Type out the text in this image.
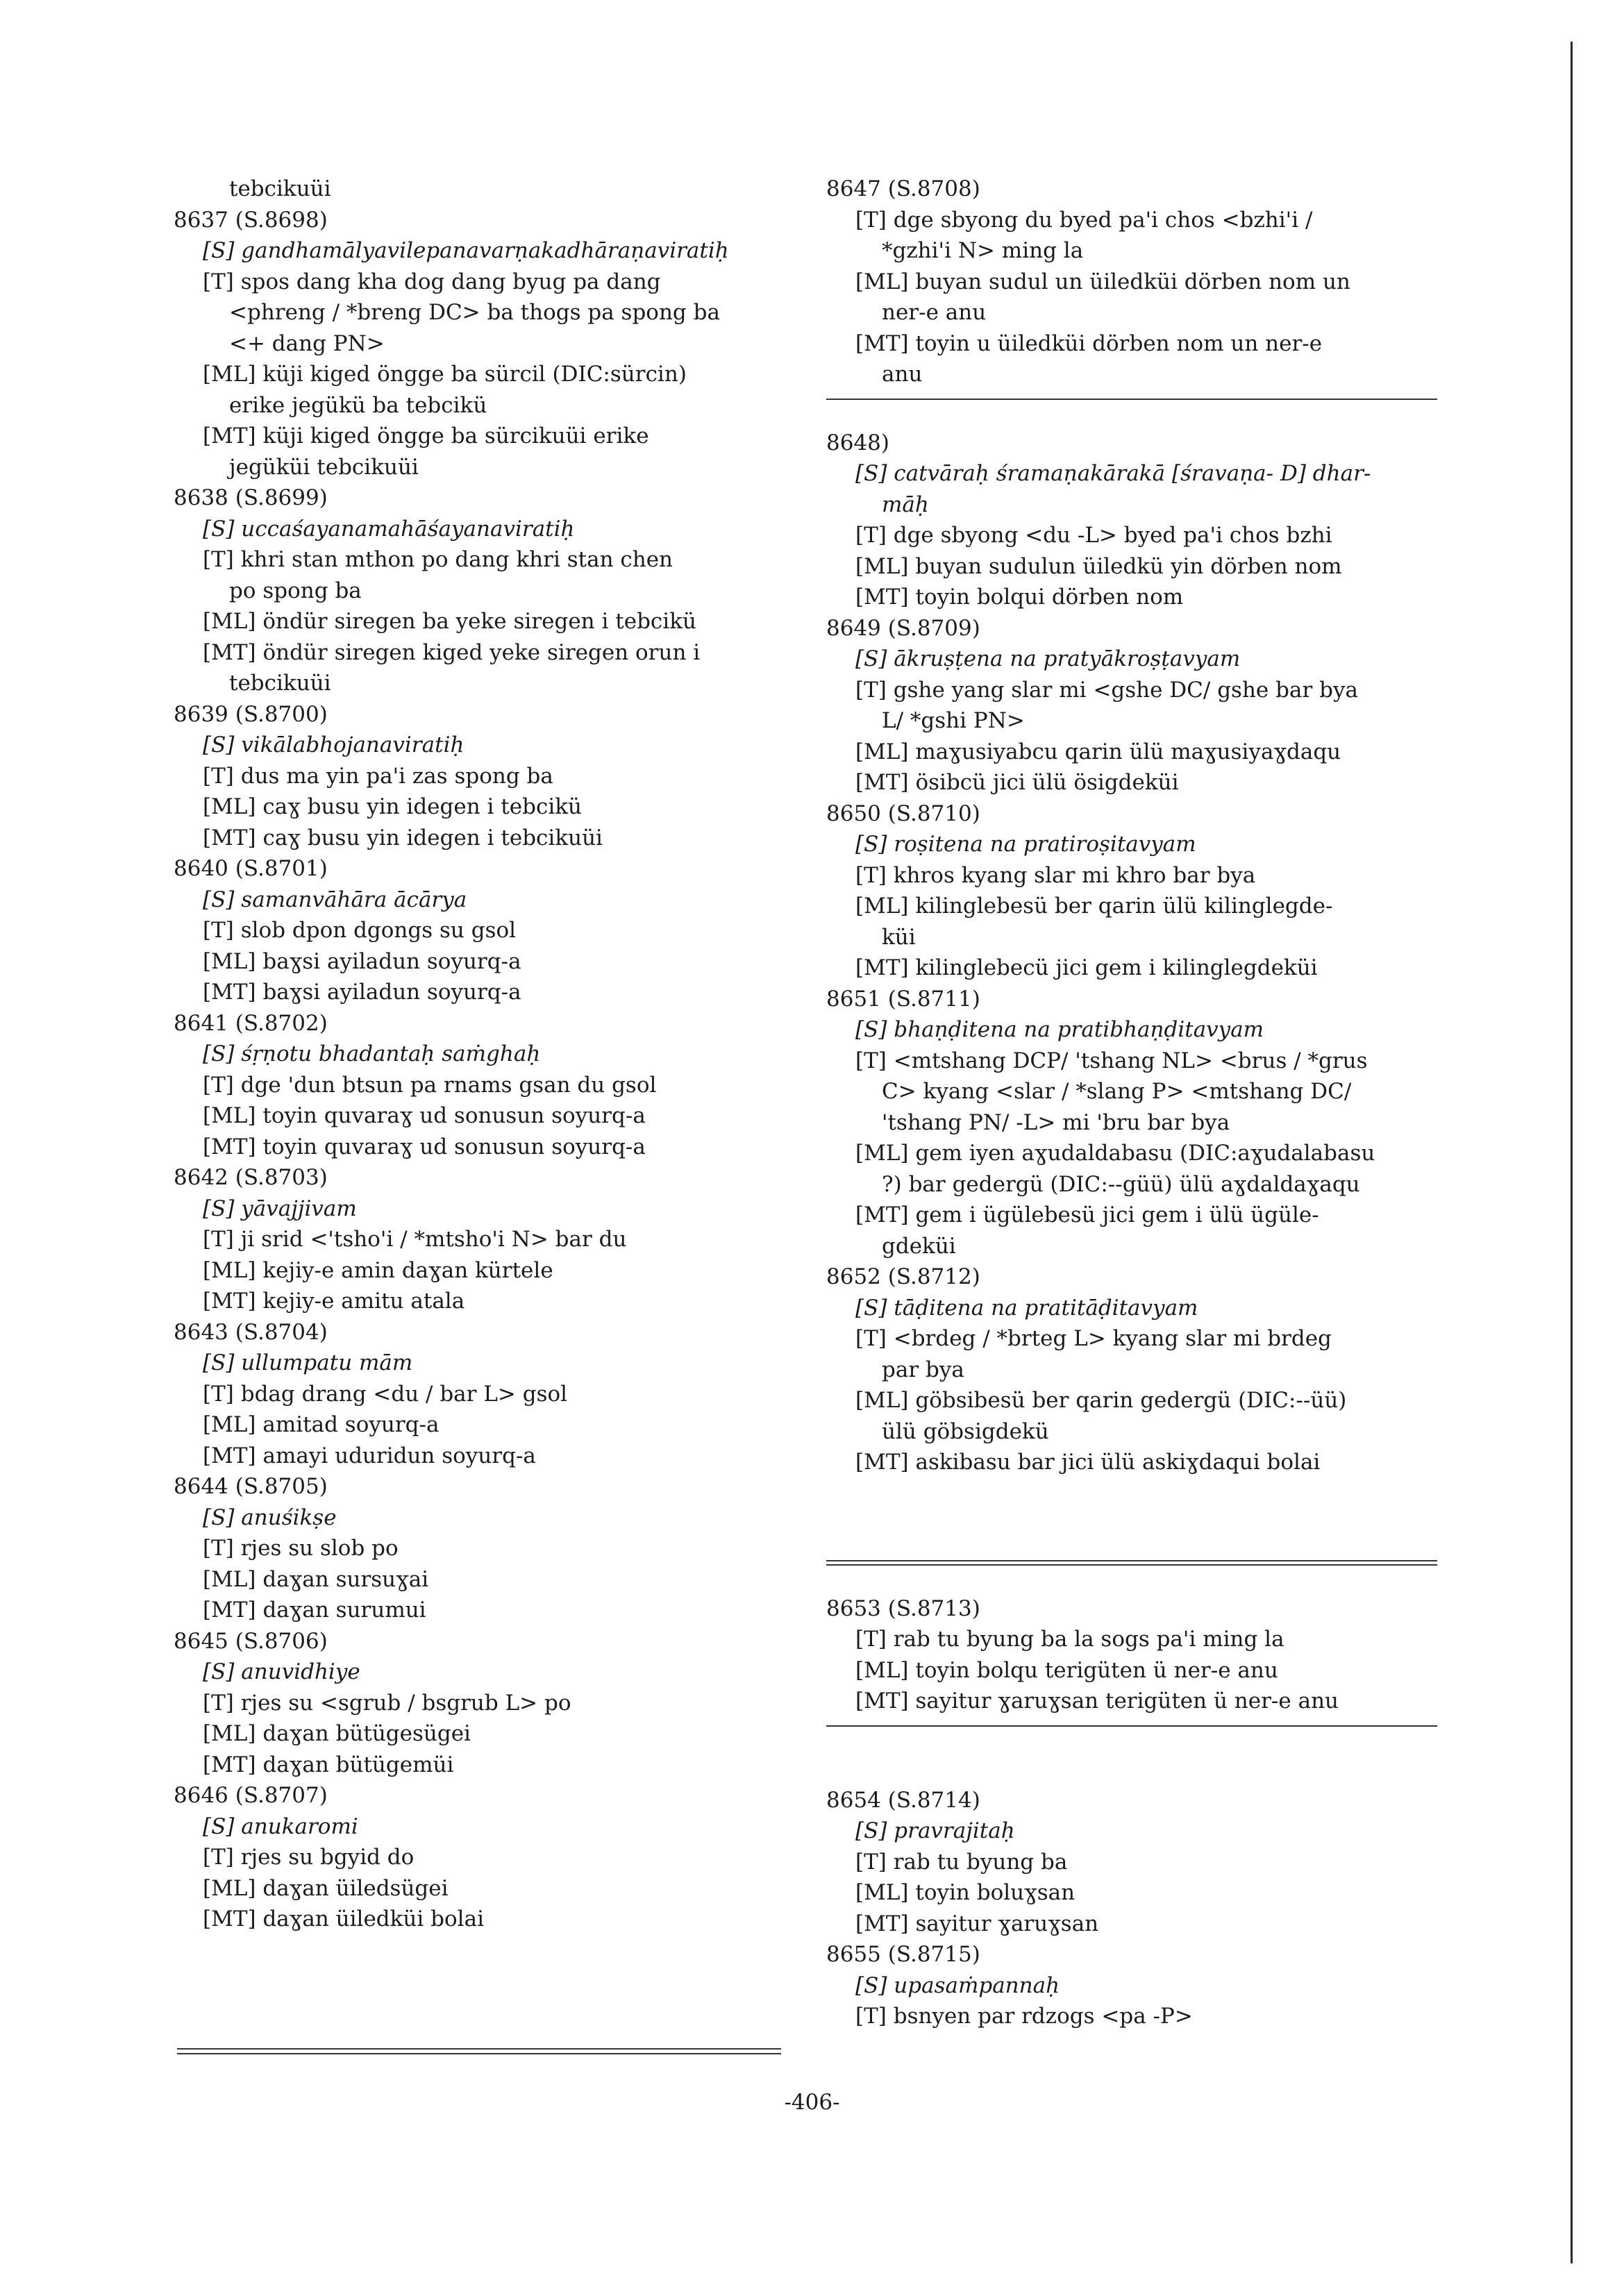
tebcikuüi
8637 (S.8698)
[S] gandhamālyavilepanavarṇakadhāraṇaviratiḥ
[T] spos dang kha dog dang byug pa dang
<phreng / *breng DC> ba thogs pa spong ba
<+ dang PN>
[ML] küji kiged öngge ba sürcil (DIC:sürcin)
erike jegükü ba tebcikü
[MT] küji kiged öngge ba sürcikuüi erike
jegüküi tebcikuüi
8638 (S.8699)
[S] uccaśayanamahāśayanaviratiḥ
[T] khri stan mthon po dang khri stan chen
po spong ba
[ML] öndür siregen ba yeke siregen i tebcikü
[MT] öndür siregen kiged yeke siregen orun i
tebcikuüi
8639 (S.8700)
[S] vikālabhojanaviratiḥ
[T] dus ma yin pa'i zas spong ba
[ML] caɣ busu yin idegen i tebcikü
[MT] caɣ busu yin idegen i tebcikuüi
8640 (S.8701)
[S] samanvāhāra ācārya
[T] slob dpon dgongs su gsol
[ML] baɣsi ayiladun soyurq-a
[MT] baɣsi ayiladun soyurq-a
8641 (S.8702)
[S] śṛṇotu bhadantaḥ saṁghaḥ
[T] dge 'dun btsun pa rnams gsan du gsol
[ML] toyin quvaraɣ ud sonusun soyurq-a
[MT] toyin quvaraɣ ud sonusun soyurq-a
8642 (S.8703)
[S] yāvajjivam
[T] ji srid <'tsho'i / *mtsho'i N> bar du
[ML] kejiy-e amin daɣan kürtele
[MT] kejiy-e amitu atala
8643 (S.8704)
[S] ullumpatu mām
[T] bdag drang <du / bar L> gsol
[ML] amitad soyurq-a
[MT] amayi uduridun soyurq-a
8644 (S.8705)
[S] anuśikṣe
[T] rjes su slob po
[ML] daɣan sursuɣai
[MT] daɣan surumui
8645 (S.8706)
[S] anuvidhiye
[T] rjes su <sgrub / bsgrub L> po
[ML] daɣan bütügesügei
[MT] daɣan bütügemüi
8646 (S.8707)
[S] anukaromi
[T] rjes su bgyid do
[ML] daɣan üiledsügei
[MT] daɣan üiledküi bolai
8647 (S.8708)
[T] dge sbyong du byed pa'i chos <bzhi'i /
*gzhi'i N> ming la
[ML] buyan sudul un üiledküi dörben nom un
ner-e anu
[MT] toyin u üiledküi dörben nom un ner-e
anu
8648)
[S] catvāraḥ śramaṇakārakā [śravaṇa- D] dhar-
māḥ
[T] dge sbyong <du -L> byed pa'i chos bzhi
[ML] buyan sudulun üiledkü yin dörben nom
[MT] toyin bolqui dörben nom
8649 (S.8709)
[S] ākruṣṭena na pratyākroṣṭavyam
[T] gshe yang slar mi <gshe DC/ gshe bar bya
L/ *gshi PN>
[ML] maɣusiyabcu qarin ülü maɣusiyaɣdaqu
[MT] ösibcü jici ülü ösigdeküi
8650 (S.8710)
[S] roṣitena na pratiroṣitavyam
[T] khros kyang slar mi khro bar bya
[ML] kilinglebesü ber qarin ülü kilinglegde-
küi
[MT] kilinglebecü jici gem i kilinglegdeküi
8651 (S.8711)
[S] bhaṇḍitena na pratibhaṇḍitavyam
[T] <mtshang DCP/ 'tshang NL> <brus / *grus
C> kyang <slar / *slang P> <mtshang DC/
'tshang PN/ -L> mi 'bru bar bya
[ML] gem iyen aɣudaldabasu (DIC:aɣudalabasu
?) bar gedergü (DIC:--güü) ülü aɣdaldaɣaqu
[MT] gem i ügülebesü jici gem i ülü ügüle-
gdeküi
8652 (S.8712)
[S] tāḍitena na pratitāḍitavyam
[T] <brdeg / *brteg L> kyang slar mi brdeg
par bya
[ML] göbsibesü ber qarin gedergü (DIC:--üü)
ülü göbsigdekü
[MT] askibasu bar jici ülü askiɣdaqui bolai
8653 (S.8713)
[T] rab tu byung ba la sogs pa'i ming la
[ML] toyin bolqu terigüten ü ner-e anu
[MT] sayitur ɣaruɣsan terigüten ü ner-e anu
8654 (S.8714)
[S] pravrajitaḥ
[T] rab tu byung ba
[ML] toyin boluɣsan
[MT] sayitur ɣaruɣsan
8655 (S.8715)
[S] upasaṁpannaḥ
[T] bsnyen par rdzogs <pa -P>
-406-
